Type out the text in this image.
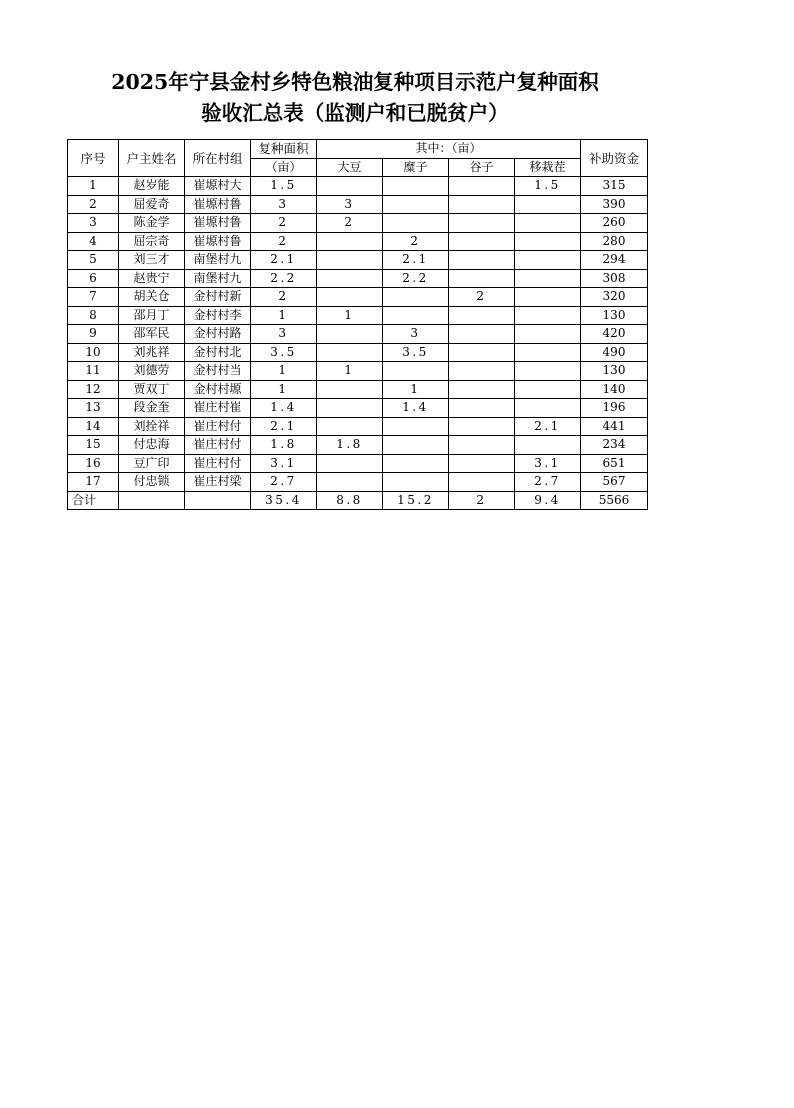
2025年宁县金村乡特色粮油复种项目示范户复种面积
验收汇总表（监测户和已脱贫户）
序号	户主姓名	所在村组	复种面积	其中：（亩）				补助资金
			（亩）	大豆	糜子	谷子	移栽茬	
1	赵岁能	崔塬村大	1.5				1.5	315
2	屈爱奇	崔塬村鲁	3	3				390
3	陈金学	崔塬村鲁	2	2				260
4	屈宗奇	崔塬村鲁	2		2			280
5	刘三才	南堡村九	2.1		2.1			294
6	赵贵宁	南堡村九	2.2		2.2			308
7	胡关仓	金村村新	2			2		320
8	邵月丁	金村村李	1	1				130
9	邵军民	金村村路	3		3			420
10	刘兆祥	金村村北	3.5		3.5			490
11	刘德劳	金村村当	1	1				130
12	贾双丁	金村村塬	1		1			140
13	段金奎	崔庄村崔	1.4		1.4			196
14	刘拴祥	崔庄村付	2.1				2.1	441
15	付忠海	崔庄村付	1.8	1.8				234
16	豆广印	崔庄村付	3.1				3.1	651
17	付忠锁	崔庄村梁	2.7				2.7	567
合计			35.4	8.8	15.2	2	9.4	5566
